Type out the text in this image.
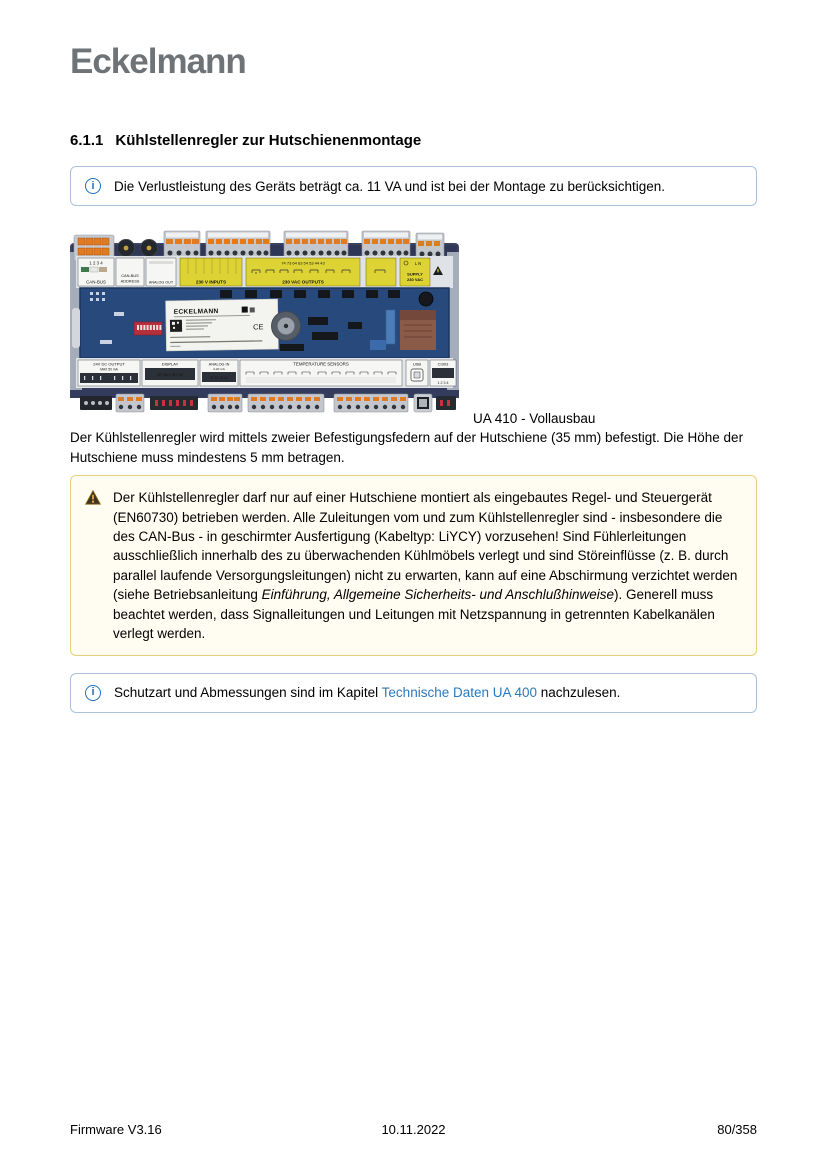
Eckelmann
6.1.1 Kühlstellenregler zur Hutschienenmontage
i	Die Verlustleistung des Geräts beträgt ca. 11 VA und ist bei der Montage zu berücksichtigen.
1 2 3 4
CAN-BUS
CAN-BUS
ADDRESS	ANALOG OUT	230 V INPUTS
74 73 64 63 54 53 44 43
230 VAC OUTPUTS
L N
SUPPLY
230 VAC
ECKELMANN
CE
24V DC OUTPUT
MAX 50 mA
DISPLAY
BT 300 / BT 30
ANALOG IN
4-20 mA
11 12 13 14
TEMPERATURE SENSORS	USB	CI303
1 2 3 4
UA 410 - Vollausbau

Der Kühlstellenregler wird mittels zweier Befestigungsfedern auf der Hutschiene (35 mm) befestigt. Die Höhe der Hutschiene muss mindestens 5 mm betragen.

Der Kühlstellenregler darf nur auf einer Hutschiene montiert als eingebautes Regel- und Steuergerät (EN60730) betrieben werden. Alle Zuleitungen vom und zum Kühlstellenregler sind - insbesondere die des CAN-Bus - in geschirmter Ausfertigung (Kabeltyp: LiYCY) vorzusehen! Sind Fühlerleitungen ausschließlich innerhalb des zu überwachenden Kühlmöbels verlegt und sind Störeinflüsse (z. B. durch parallel laufende Versorgungsleitungen) nicht zu erwarten, kann auf eine Abschirmung verzichtet werden (siehe Betriebsanleitung Einführung, Allgemeine Sicherheits- und Anschlußhinweise). Generell muss beachtet werden, dass Signalleitungen und Leitungen mit Netzspannung in getrennten Kabelkanälen verlegt werden.
i	Schutzart und Abmessungen sind im Kapitel Technische Daten UA 400 nachzulesen.
Firmware V3.16	10.11.2022	80/358
